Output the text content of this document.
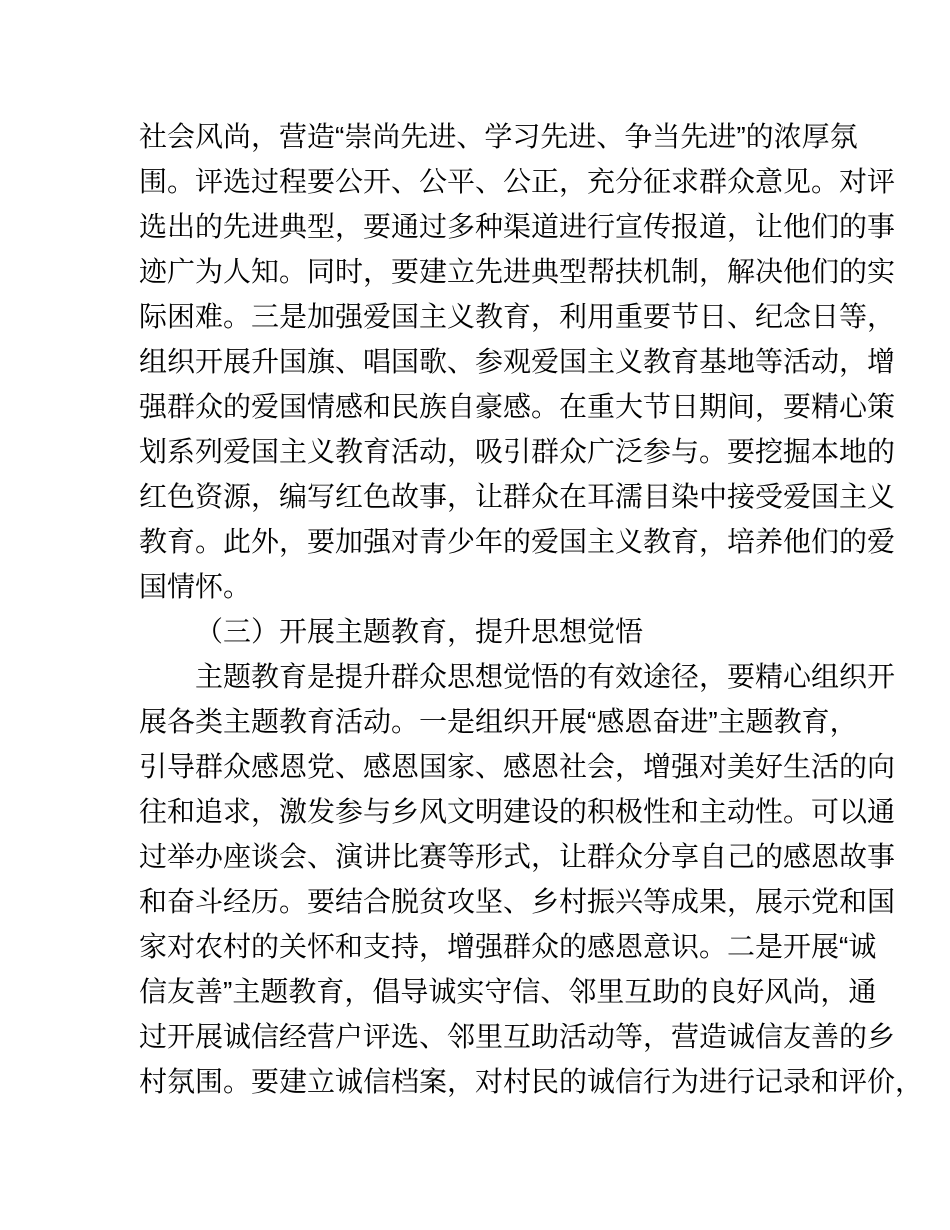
社会风尚，营造“崇尚先进、学习先进、争当先进”的浓厚氛
围。评选过程要公开、公平、公正，充分征求群众意见。对评
选出的先进典型，要通过多种渠道进行宣传报道，让他们的事
迹广为人知。同时，要建立先进典型帮扶机制，解决他们的实
际困难。三是加强爱国主义教育，利用重要节日、纪念日等，
组织开展升国旗、唱国歌、参观爱国主义教育基地等活动，增
强群众的爱国情感和民族自豪感。在重大节日期间，要精心策
划系列爱国主义教育活动，吸引群众广泛参与。要挖掘本地的
红色资源，编写红色故事，让群众在耳濡目染中接受爱国主义
教育。此外，要加强对青少年的爱国主义教育，培养他们的爱
国情怀。
（三）开展主题教育，提升思想觉悟
主题教育是提升群众思想觉悟的有效途径，要精心组织开
展各类主题教育活动。一是组织开展“感恩奋进”主题教育，
引导群众感恩党、感恩国家、感恩社会，增强对美好生活的向
往和追求，激发参与乡风文明建设的积极性和主动性。可以通
过举办座谈会、演讲比赛等形式，让群众分享自己的感恩故事
和奋斗经历。要结合脱贫攻坚、乡村振兴等成果，展示党和国
家对农村的关怀和支持，增强群众的感恩意识。二是开展“诚
信友善”主题教育，倡导诚实守信、邻里互助的良好风尚，通
过开展诚信经营户评选、邻里互助活动等，营造诚信友善的乡
村氛围。要建立诚信档案，对村民的诚信行为进行记录和评价，
